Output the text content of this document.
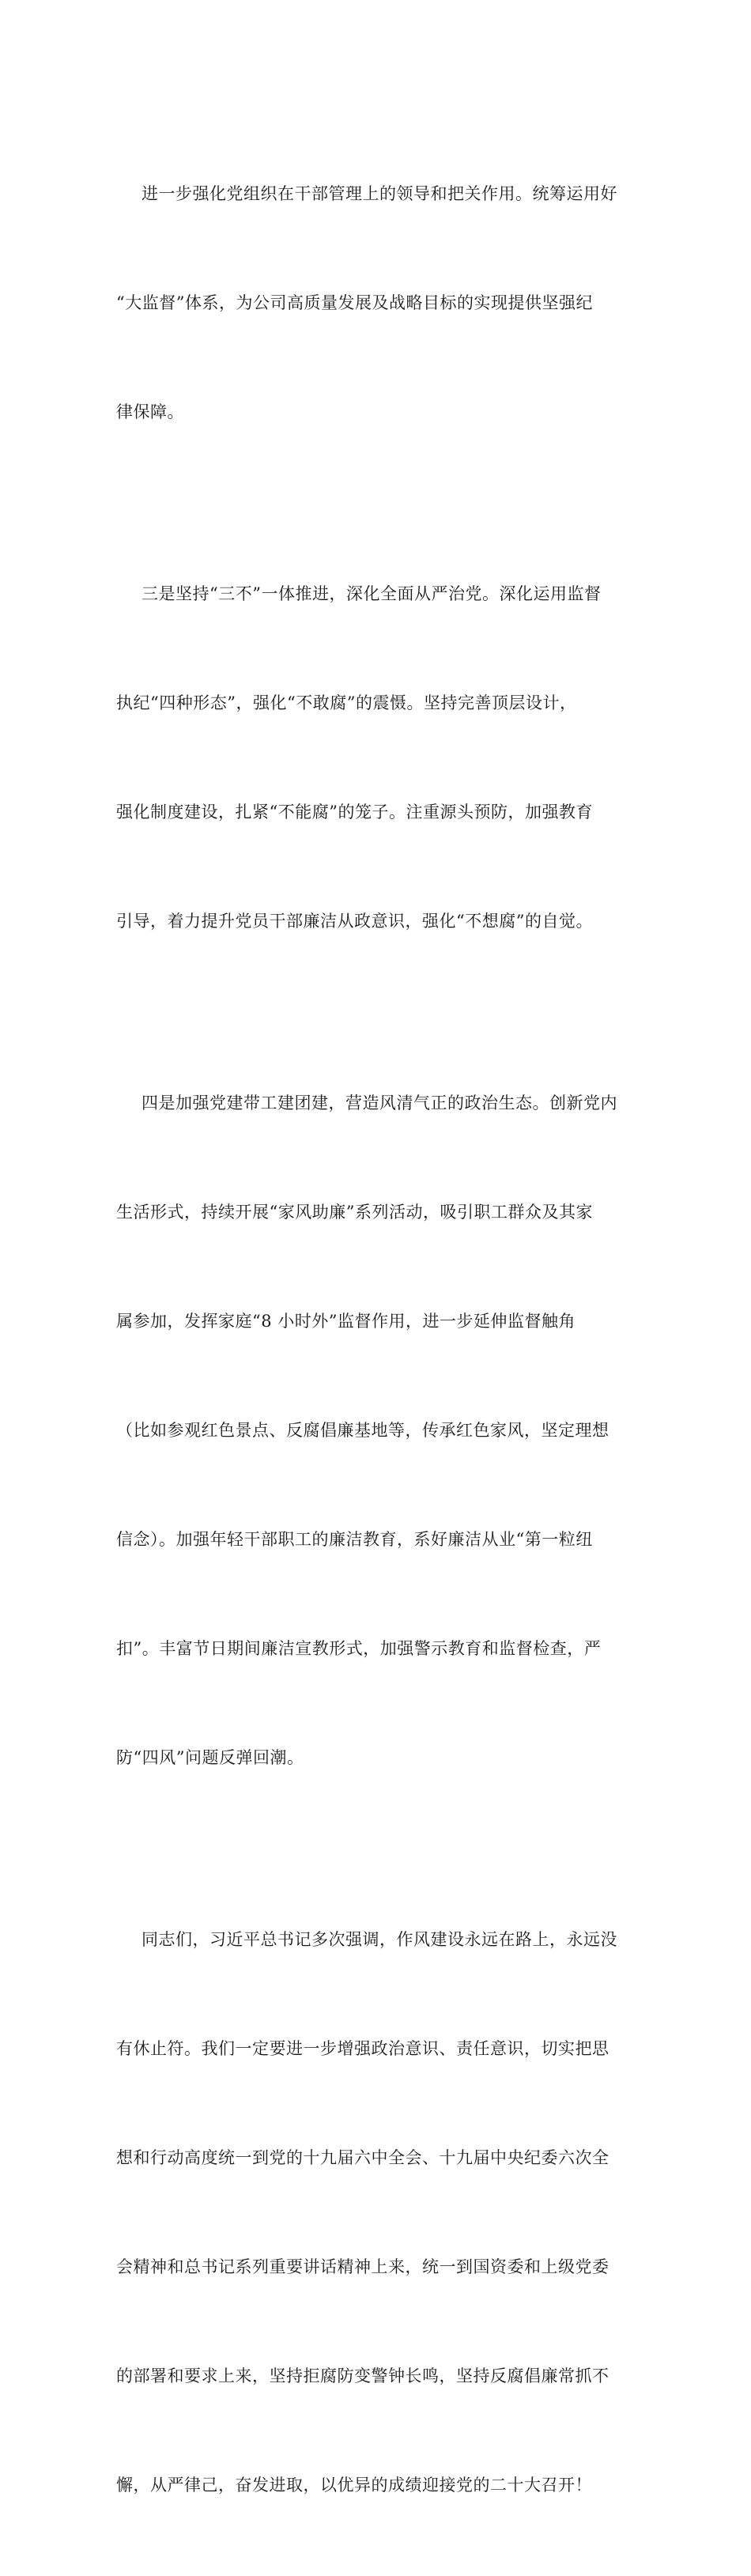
进一步强化党组织在干部管理上的领导和把关作用。统筹运用好

“大监督”体系，为公司高质量发展及战略目标的实现提供坚强纪

律保障。

三是坚持“三不”一体推进，深化全面从严治党。深化运用监督

执纪“四种形态”，强化“不敢腐”的震慑。坚持完善顶层设计，

强化制度建设，扎紧“不能腐”的笼子。注重源头预防，加强教育

引导，着力提升党员干部廉洁从政意识，强化“不想腐”的自觉。

四是加强党建带工建团建，营造风清气正的政治生态。创新党内

生活形式，持续开展“家风助廉”系列活动，吸引职工群众及其家

属参加，发挥家庭“8 小时外”监督作用，进一步延伸监督触角

（比如参观红色景点、反腐倡廉基地等，传承红色家风，坚定理想

信念）。加强年轻干部职工的廉洁教育，系好廉洁从业“第一粒纽

扣”。丰富节日期间廉洁宣教形式，加强警示教育和监督检查，严

防“四风”问题反弹回潮。

同志们，习近平总书记多次强调，作风建设永远在路上，永远没

有休止符。我们一定要进一步增强政治意识、责任意识，切实把思

想和行动高度统一到党的十九届六中全会、十九届中央纪委六次全

会精神和总书记系列重要讲话精神上来，统一到国资委和上级党委

的部署和要求上来，坚持拒腐防变警钟长鸣，坚持反腐倡廉常抓不

懈，从严律己，奋发进取，以优异的成绩迎接党的二十大召开！
